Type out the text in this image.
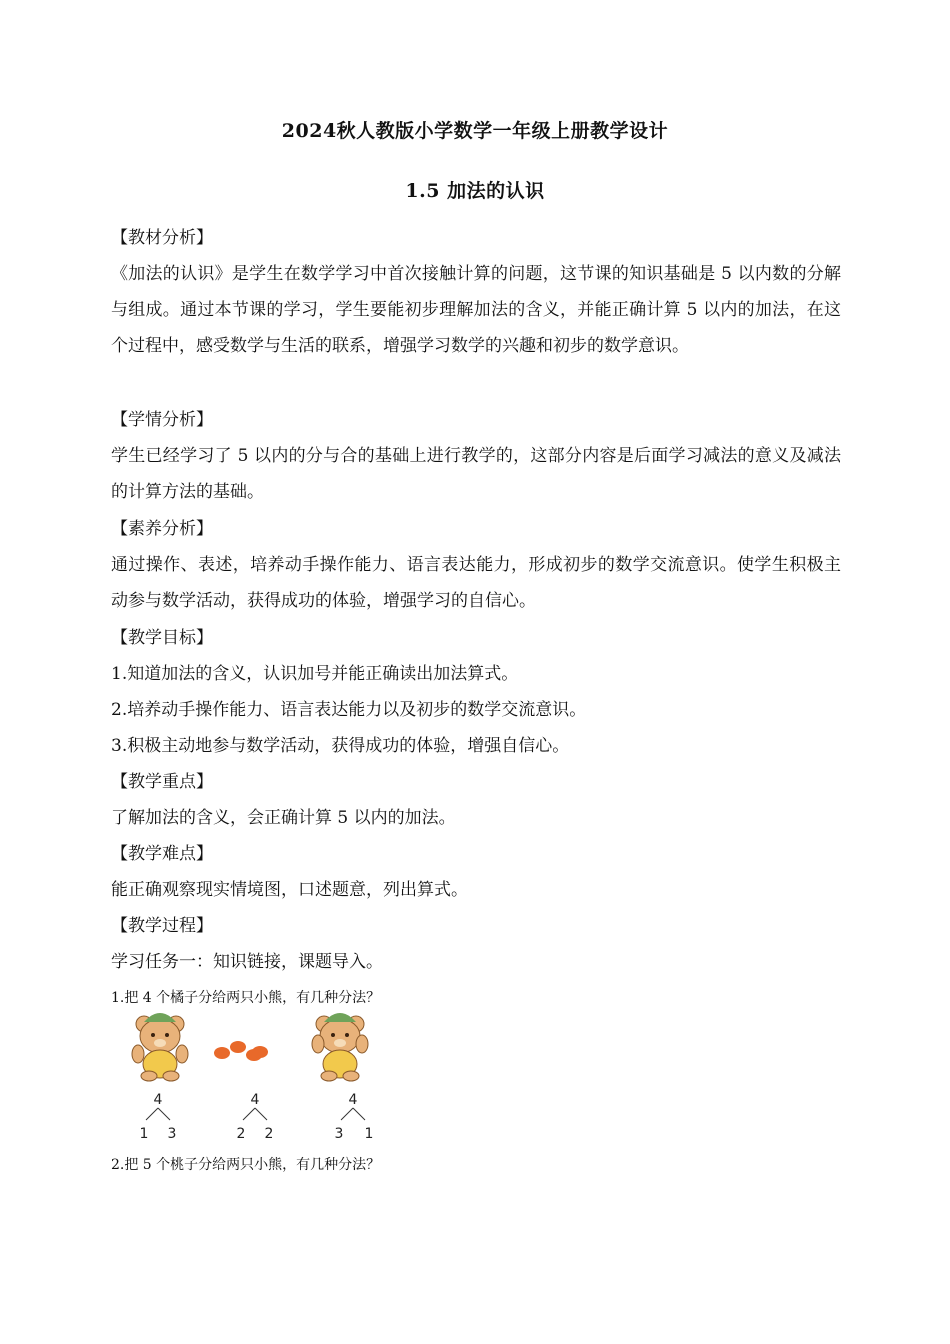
2024秋人教版小学数学一年级上册教学设计
1.5 加法的认识
【教材分析】
《加法的认识》是学生在数学学习中首次接触计算的问题，这节课的知识基础是 5 以内数的分解与组成。通过本节课的学习，学生要能初步理解加法的含义，并能正确计算 5 以内的加法，在这个过程中，感受数学与生活的联系，增强学习数学的兴趣和初步的数学意识。
【学情分析】
学生已经学习了 5 以内的分与合的基础上进行教学的，这部分内容是后面学习减法的意义及减法的计算方法的基础。
【素养分析】
通过操作、表述，培养动手操作能力、语言表达能力，形成初步的数学交流意识。使学生积极主动参与数学活动，获得成功的体验，增强学习的自信心。
【教学目标】
1.知道加法的含义，认识加号并能正确读出加法算式。
2.培养动手操作能力、语言表达能力以及初步的数学交流意识。
3.积极主动地参与数学活动，获得成功的体验，增强自信心。
【教学重点】
了解加法的含义，会正确计算 5 以内的加法。
【教学难点】
能正确观察现实情境图，口述题意，列出算式。
【教学过程】
学习任务一：知识链接，课题导入。
1.把 4 个橘子分给两只小熊，有几种分法？
4
1 3
4
2 2
4
3 1
2.把 5 个桃子分给两只小熊，有几种分法？
